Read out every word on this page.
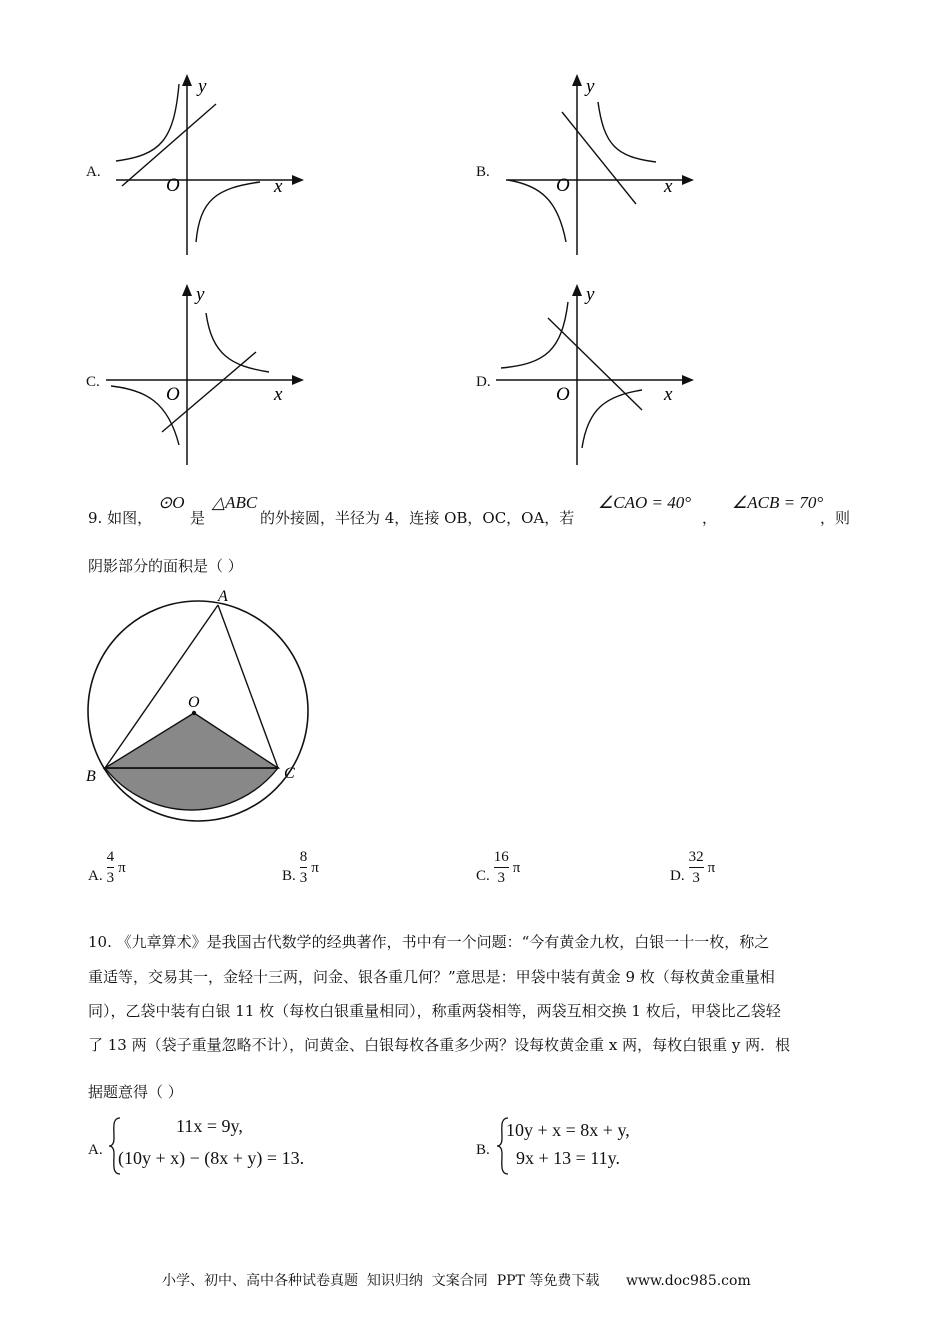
A.
y
x
O
B.
y
x
O
C.
y
x
O
D.
y
x
O
9. 如图，
⊙O
是
△ABC
的外接圆，半径为 4，连接 OB，OC，OA，若
∠CAO = 40°
，
∠ACB = 70°
，则
阴影部分的面积是（ ）
A
O
B	C
A. $\frac{4}{3}$ π	B. $\frac{8}{3}$ π	C. $\frac{16}{3}$ π	D. $\frac{32}{3}$ π
10. 《九章算术》是我国古代数学的经典著作，书中有一个问题：“今有黄金九枚，白银一十一枚，称之
重适等，交易其一，金轻十三两，问金、银各重几何？”意思是：甲袋中装有黄金 9 枚（每枚黄金重量相
同），乙袋中装有白银 11 枚（每枚白银重量相同），称重两袋相等，两袋互相交换 1 枚后，甲袋比乙袋轻
了 13 两（袋子重量忽略不计），问黄金、白银每枚各重多少两？设每枚黄金重 x 两，每枚白银重 y 两．根
据题意得（ ）
A.
11x = 9y,
(10y + x) − (8x + y) = 13.	B.
10y + x = 8x + y,
9x + 13 = 11y.
小学、初中、高中各种试卷真题  知识归纳  文案合同  PPT 等免费下载      www.doc985.com
